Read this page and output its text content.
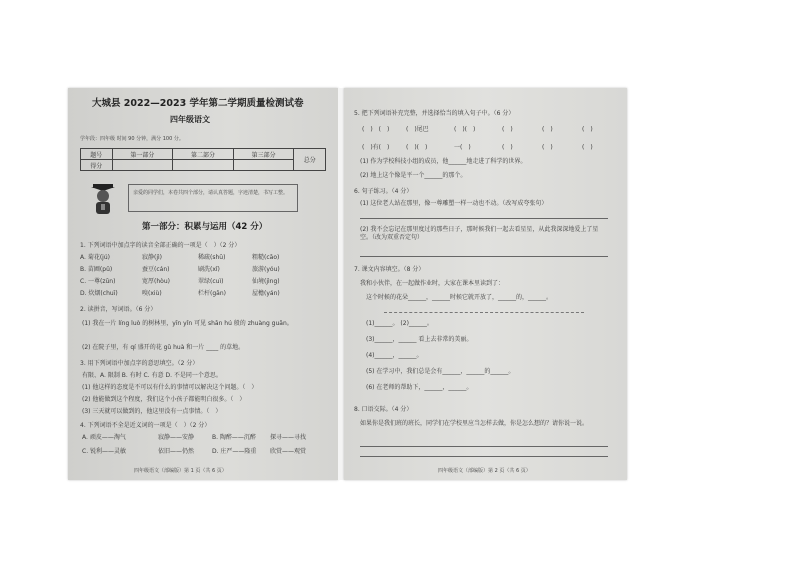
大城县 2022—2023 学年第二学期质量检测试卷
四年级语文
学年段：四年级 时间 90 分钟，满分 100 分。
题号	第一部分	第二部分	第三部分	总分
得分				
亲爱的同学们，本卷共四个部分，请认真答题，字迹清楚，书写工整。
第一部分：积累与运用（42 分）
1. 下列词语中加点字的读音全部正确的一项是（　）（2 分）
A. 菊花(jú)	寂静(jì)	稀疏(shū)	粗糙(cāo)
B. 苗圃(pǔ)	蚕豆(cán)	刷洗(xǐ)	旅游(yóu)
C. 一尊(zūn)	宽厚(hòu)	翠绿(cuì)	仙境(jìng)
D. 炊烟(chuī)	嗅(xiù)	栏杆(gān)	屋檐(yán)
2. 读拼音，写词语。（6 分）
(1) 我在一片 líng luò 的树林里，yīn yǐn 可见 shān hú 般的 zhuàng guān。
(2) 在院子里，有 qí 盛开的花 gǔ huà 和一片 ____ 的草地。
3. 用下列词语中加点字的意思填空。（2 分）
有限、A. 限制 B. 有时 C. 有意 D. 不是同一个意思。
(1) 他这样的态度是不可以有什么的事情可以解决这个问题。（　）
(2) 他能做到这个程度，我们这个小孩子都能明白很多。（　）
(3) 三天就可以做到的，他这里没有一点事情。（　）
4. 下列词语不全是近义词的一项是（　）（2 分）
A. 顽皮——淘气	寂静——安静	B. 陶醉——沉醉 探寻——寻找
C. 锐利——灵敏	依旧——仍然	D. 庄严——隆重 欣赏——观赏
四年级语文（部编版）第 1 页（共 6 页）
5. 把下列词语补充完整，并选择恰当的填入句子中。（6 分）
(　)　(　)	(　)尾巴	(　)(　)	(　)	(　)	(　)
(　)有(　)	(　)(　)	一(　)	(　)	(　)	(　)
(1) 作为学校科技小组的成员，他______地走进了科学的世界。
(2) 地上这个像是平一个______的那个。
6. 句子练习。（4 分）
(1) 这位老人站在那里，像一尊雕塑一样一动也不动。（改写成夸张句）
(2) 我不会忘记在那里度过的那些日子，那时候我们一起去看星星，从此我深深地爱上了星空。（改为双重否定句）
7. 课文内容填空。（8 分）
我和小伙伴，在一起做作业时，大家在课本里读到了：
这个时候的花朵______，______时候它就开放了，______的，______。
(1)______。 (2)______。
(3)______，______ 看上去非常的美丽。
(4)______，______。
(5) 在学习中，我们总是会有______，______的______。
(6) 在老师的帮助下，______，______。
8. 口语交际。（4 分）
如果你是我们班的班长，同学们在学校里应当怎样去做，你是怎么想的？请你说一说。
四年级语文（部编版）第 2 页（共 6 页）
